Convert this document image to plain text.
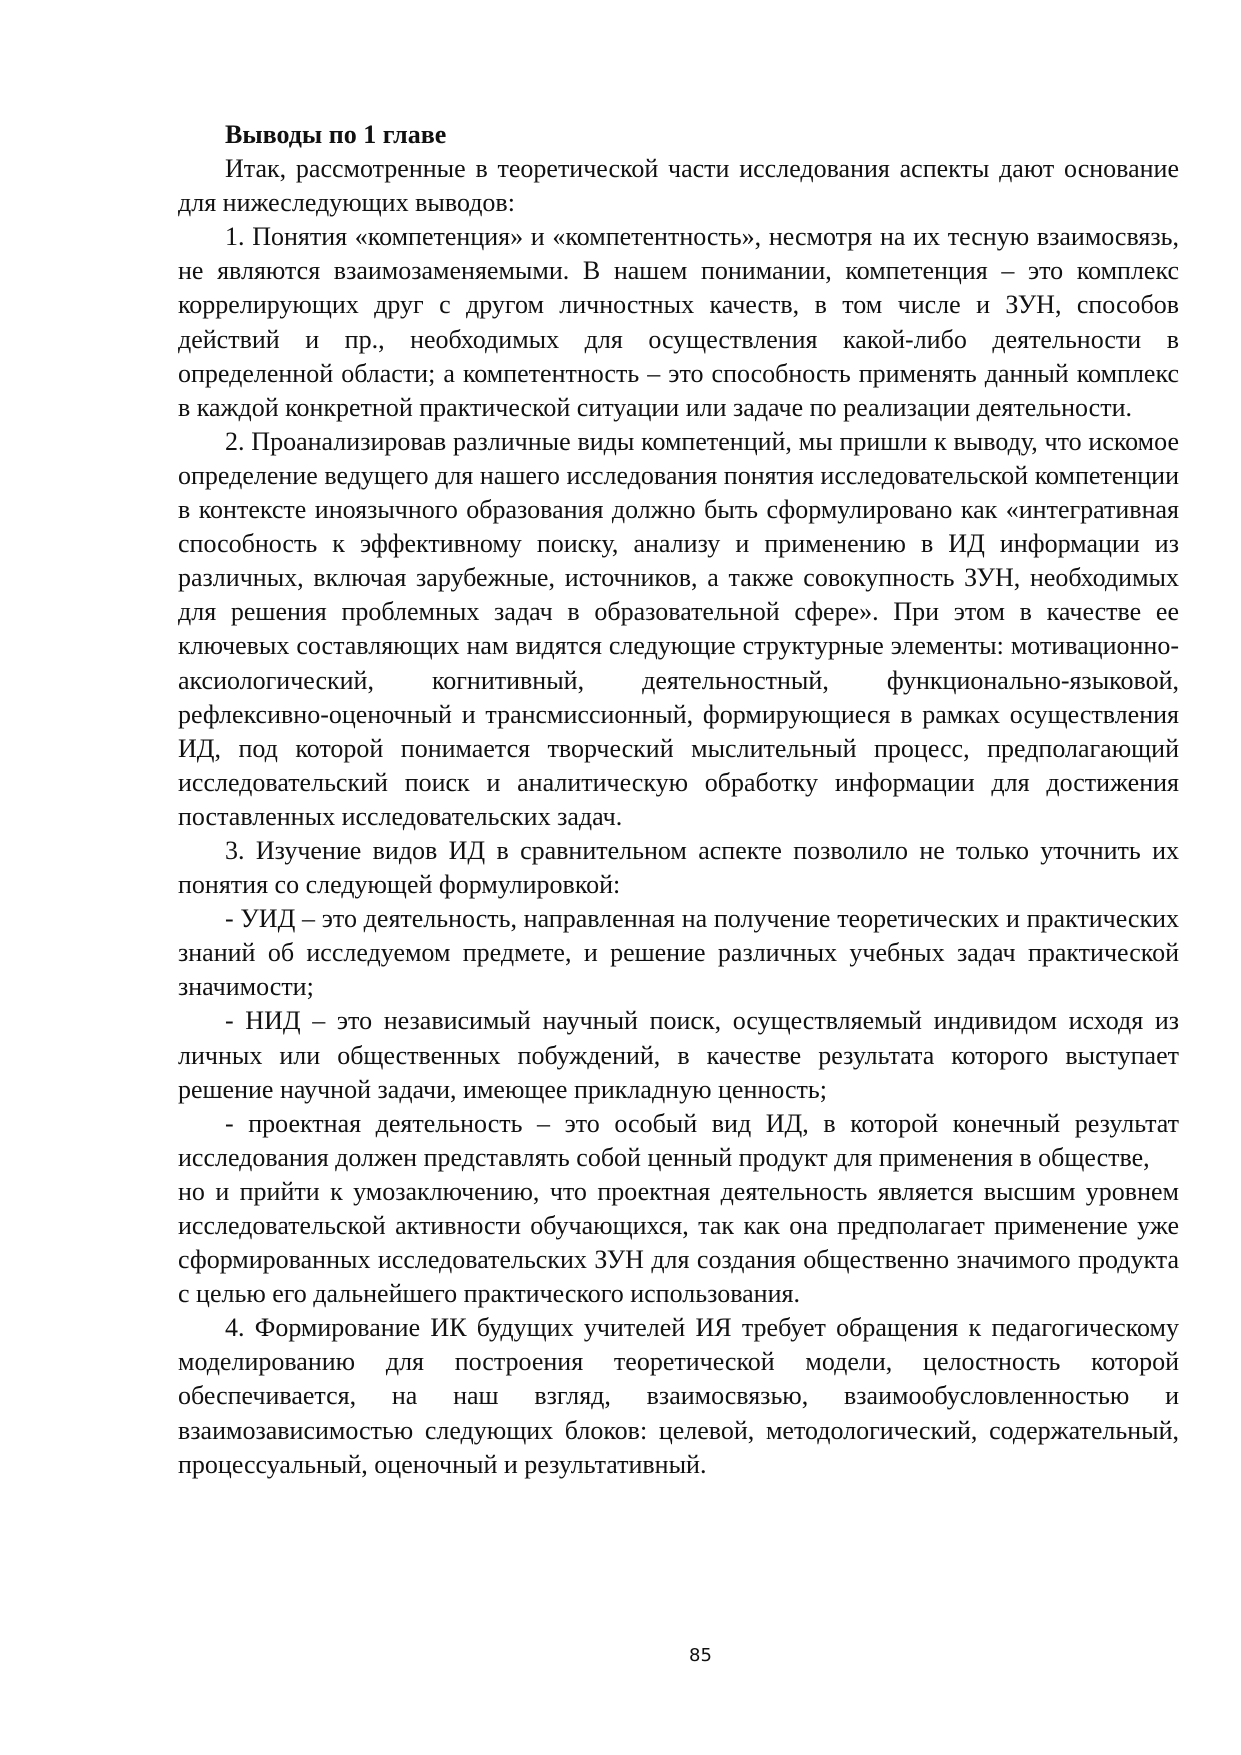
Выводы по 1 главе

Итак, рассмотренные в теоретической части исследования аспекты дают основание для нижеследующих выводов:

1. Понятия «компетенция» и «компетентность», несмотря на их тесную взаимосвязь, не являются взаимозаменяемыми. В нашем понимании, компетенция – это комплекс коррелирующих друг с другом личностных качеств, в том числе и ЗУН, способов действий и пр., необходимых для осуществления какой-либо деятельности в определенной области; а компетентность – это способность применять данный комплекс в каждой конкретной практической ситуации или задаче по реализации деятельности.

2. Проанализировав различные виды компетенций, мы пришли к выводу, что искомое определение ведущего для нашего исследования понятия исследовательской компетенции в контексте иноязычного образования должно быть сформулировано как «интегративная способность к эффективному поиску, анализу и применению в ИД информации из различных, включая зарубежные, источников, а также совокупность ЗУН, необходимых для решения проблемных задач в образовательной сфере». При этом в качестве ее ключевых составляющих нам видятся следующие структурные элементы: мотивационно-аксиологический, когнитивный, деятельностный, функционально-языковой, рефлексивно-оценочный и трансмиссионный, формирующиеся в рамках осуществления ИД, под которой понимается творческий мыслительный процесс, предполагающий исследовательский поиск и аналитическую обработку информации для достижения поставленных исследовательских задач.

3. Изучение видов ИД в сравнительном аспекте позволило не только уточнить их понятия со следующей формулировкой:

- УИД – это деятельность, направленная на получение теоретических и практических знаний об исследуемом предмете, и решение различных учебных задач практической значимости;

- НИД – это независимый научный поиск, осуществляемый индивидом исходя из личных или общественных побуждений, в качестве результата которого выступает решение научной задачи, имеющее прикладную ценность;

- проектная деятельность – это особый вид ИД, в которой конечный результат исследования должен представлять собой ценный продукт для применения в обществе,

но и прийти к умозаключению, что проектная деятельность является высшим уровнем исследовательской активности обучающихся, так как она предполагает применение уже сформированных исследовательских ЗУН для создания общественно значимого продукта с целью его дальнейшего практического использования.

4. Формирование ИК будущих учителей ИЯ требует обращения к педагогическому моделированию для построения теоретической модели, целостность которой обеспечивается, на наш взгляд, взаимосвязью, взаимообусловленностью и взаимозависимостью следующих блоков: целевой, методологический, содержательный, процессуальный, оценочный и результативный.

85
